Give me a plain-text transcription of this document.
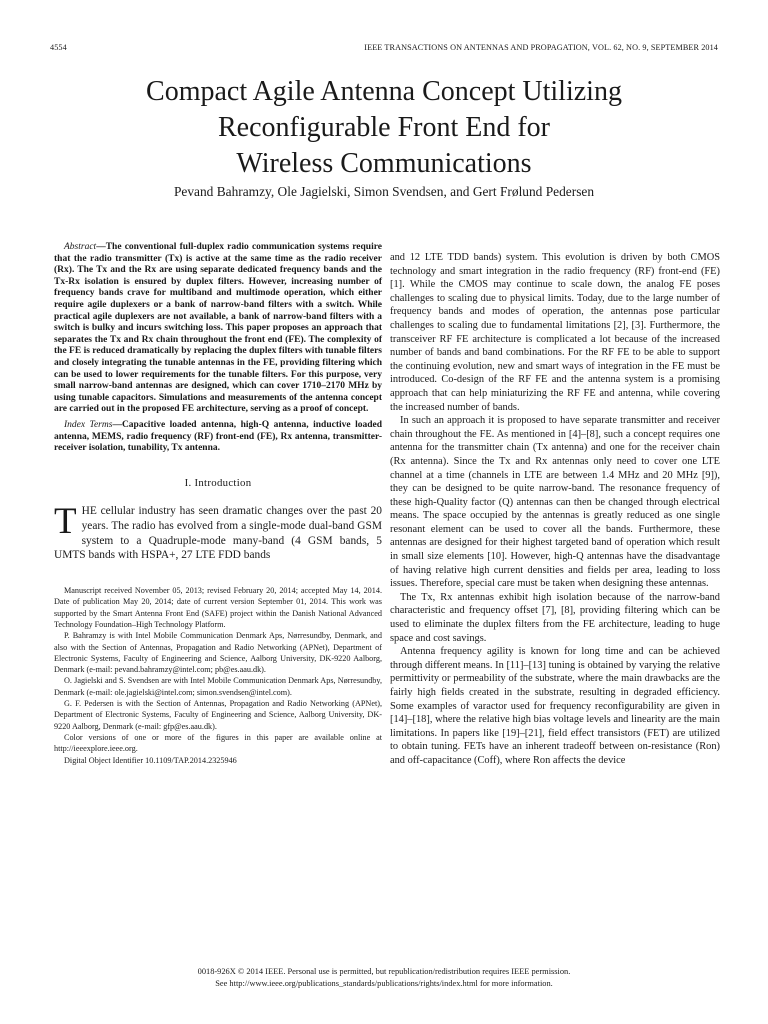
4554	IEEE TRANSACTIONS ON ANTENNAS AND PROPAGATION, VOL. 62, NO. 9, SEPTEMBER 2014
Compact Agile Antenna Concept Utilizing
Reconfigurable Front End for
Wireless Communications
Pevand Bahramzy, Ole Jagielski, Simon Svendsen, and Gert Frølund Pedersen

Abstract—The conventional full-duplex radio communication systems require that the radio transmitter (Tx) is active at the same time as the radio receiver (Rx). The Tx and the Rx are using separate dedicated frequency bands and the Tx-Rx isolation is ensured by duplex filters. However, increasing number of frequency bands crave for multiband and multimode operation, which either require agile duplexers or a bank of narrow-band filters with a switch. While practical agile duplexers are not available, a bank of narrow-band filters with a switch is bulky and incurs switching loss. This paper proposes an approach that separates the Tx and Rx chain throughout the front end (FE). The complexity of the FE is reduced dramatically by replacing the duplex filters with tunable filters and closely integrating the tunable antennas in the FE, providing filtering which can be used to lower requirements for the tunable filters. For this purpose, very small narrow-band antennas are designed, which can cover 1710–2170 MHz by using tunable capacitors. Simulations and measurements of the antenna concept are carried out in the proposed FE architecture, serving as a proof of concept.

Index Terms—Capacitive loaded antenna, high-Q antenna, inductive loaded antenna, MEMS, radio frequency (RF) front-end (FE), Rx antenna, transmitter-receiver isolation, tunability, Tx antenna.

I. Introduction

THE cellular industry has seen dramatic changes over the past 20 years. The radio has evolved from a single-mode dual-band GSM system to a Quadruple-mode many-band (4 GSM bands, 5 UMTS bands with HSPA+, 27 LTE FDD bands

Manuscript received November 05, 2013; revised February 20, 2014; accepted May 14, 2014. Date of publication May 20, 2014; date of current version September 01, 2014. This work was supported by the Smart Antenna Front End (SAFE) project within the Danish National Advanced Technology Foundation–High Technology Platform.

P. Bahramzy is with Intel Mobile Communication Denmark Aps, Nørresundby, Denmark, and also with the Section of Antennas, Propagation and Radio Networking (APNet), Department of Electronic Systems, Faculty of Engineering and Science, Aalborg University, DK-9220 Aalborg, Denmark (e-mail: pevand.bahramzy@intel.com; pb@es.aau.dk).

O. Jagielski and S. Svendsen are with Intel Mobile Communication Denmark Aps, Nørresundby, Denmark (e-mail: ole.jagielski@intel.com; simon.svendsen@intel.com).

G. F. Pedersen is with the Section of Antennas, Propagation and Radio Networking (APNet), Department of Electronic Systems, Faculty of Engineering and Science, Aalborg University, DK-9220 Aalborg, Denmark (e-mail: gfp@es.aau.dk).

Color versions of one or more of the figures in this paper are available online at http://ieeexplore.ieee.org.

Digital Object Identifier 10.1109/TAP.2014.2325946

and 12 LTE TDD bands) system. This evolution is driven by both CMOS technology and smart integration in the radio frequency (RF) front-end (FE) [1]. While the CMOS may continue to scale down, the analog FE poses challenges to scaling due to physical limits. Today, due to the large number of frequency bands and modes of operation, the antennas pose particular challenges to scaling due to fundamental limitations [2], [3]. Furthermore, the transceiver RF FE architecture is complicated a lot because of the increased number of bands and band combinations. For the RF FE to be able to support the continuing evolution, new and smart ways of integration in the FE must be introduced. Co-design of the RF FE and the antenna system is a promising approach that can help miniaturizing the RF FE and antenna, while covering the increased number of bands.

In such an approach it is proposed to have separate transmitter and receiver chain throughout the FE. As mentioned in [4]–[8], such a concept requires one antenna for the transmitter chain (Tx antenna) and one for the receiver chain (Rx antenna). Since the Tx and Rx antennas only need to cover one LTE channel at a time (channels in LTE are between 1.4 MHz and 20 MHz [9]), they can be designed to be quite narrow-band. The resonance frequency of these high-Quality factor (Q) antennas can then be changed through electrical means. The space occupied by the antennas is greatly reduced as one single resonant element can be used to cover all the bands. Furthermore, these antennas are designed for their highest targeted band of operation which result in small size elements [10]. However, high-Q antennas have the disadvantage of having relative high current densities and fields per area, leading to loss issues. Therefore, special care must be taken when designing these antennas.

The Tx, Rx antennas exhibit high isolation because of the narrow-band characteristic and frequency offset [7], [8], providing filtering which can be used to eliminate the duplex filters from the FE architecture, leading to huge space and cost savings.

Antenna frequency agility is known for long time and can be achieved through different means. In [11]–[13] tuning is obtained by varying the relative permittivity or permeability of the substrate, where the main drawbacks are the fairly high fields created in the substrate, resulting in degraded efficiency. Some examples of varactor used for frequency reconfigurability are given in [14]–[18], where the relative high bias voltage levels and linearity are the main limitations. In papers like [19]–[21], field effect transistors (FET) are utilized to obtain tuning. FETs have an inherent tradeoff between on-resistance (Ron) and off-capacitance (Coff), where Ron affects the device

0018-926X © 2014 IEEE. Personal use is permitted, but republication/redistribution requires IEEE permission.
See http://www.ieee.org/publications_standards/publications/rights/index.html for more information.
